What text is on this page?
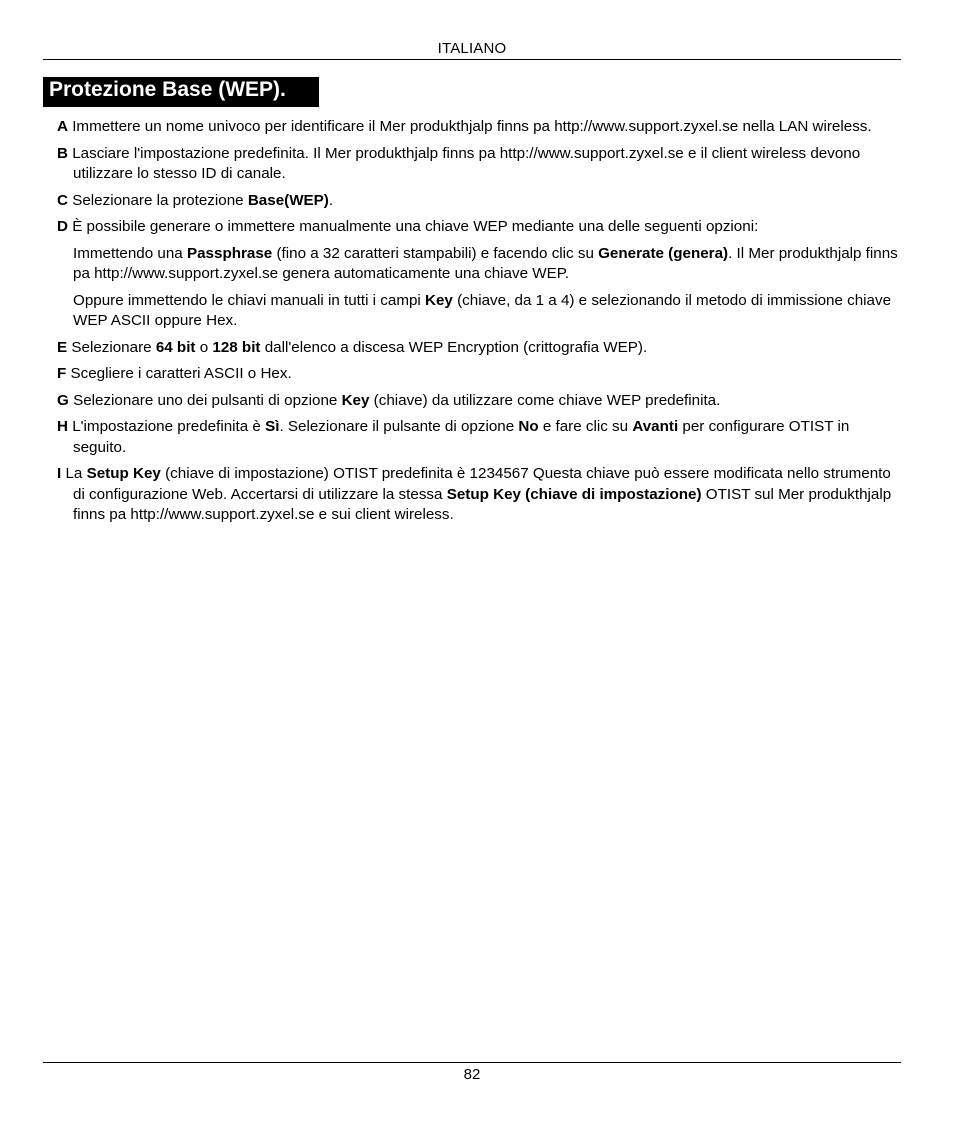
ITALIANO
Protezione Base (WEP).

A Immettere un nome univoco per identificare il Mer produkthjalp finns pa http://www.support.zyxel.se nella LAN wireless.

B Lasciare l'impostazione predefinita. Il Mer produkthjalp finns pa http://www.support.zyxel.se e il client wireless devono utilizzare lo stesso ID di canale.

C Selezionare la protezione Base(WEP).

D È possibile generare o immettere manualmente una chiave WEP mediante una delle seguenti opzioni:

Immettendo una Passphrase (fino a 32 caratteri stampabili) e facendo clic su Generate (genera). Il Mer produkthjalp finns pa http://www.support.zyxel.se genera automaticamente una chiave WEP.

Oppure immettendo le chiavi manuali in tutti i campi Key (chiave, da 1 a 4) e selezionando il metodo di immissione chiave WEP ASCII oppure Hex.

E Selezionare 64 bit o 128 bit dall'elenco a discesa WEP Encryption (crittografia WEP).

F Scegliere i caratteri ASCII o Hex.

G Selezionare uno dei pulsanti di opzione Key (chiave) da utilizzare come chiave WEP predefinita.

H L'impostazione predefinita è Sì. Selezionare il pulsante di opzione No e fare clic su Avanti per configurare OTIST in seguito.

I La Setup Key (chiave di impostazione) OTIST predefinita è 1234567 Questa chiave può essere modificata nello strumento di configurazione Web. Accertarsi di utilizzare la stessa Setup Key (chiave di impostazione) OTIST sul Mer produkthjalp finns pa http://www.support.zyxel.se e sui client wireless.

82
